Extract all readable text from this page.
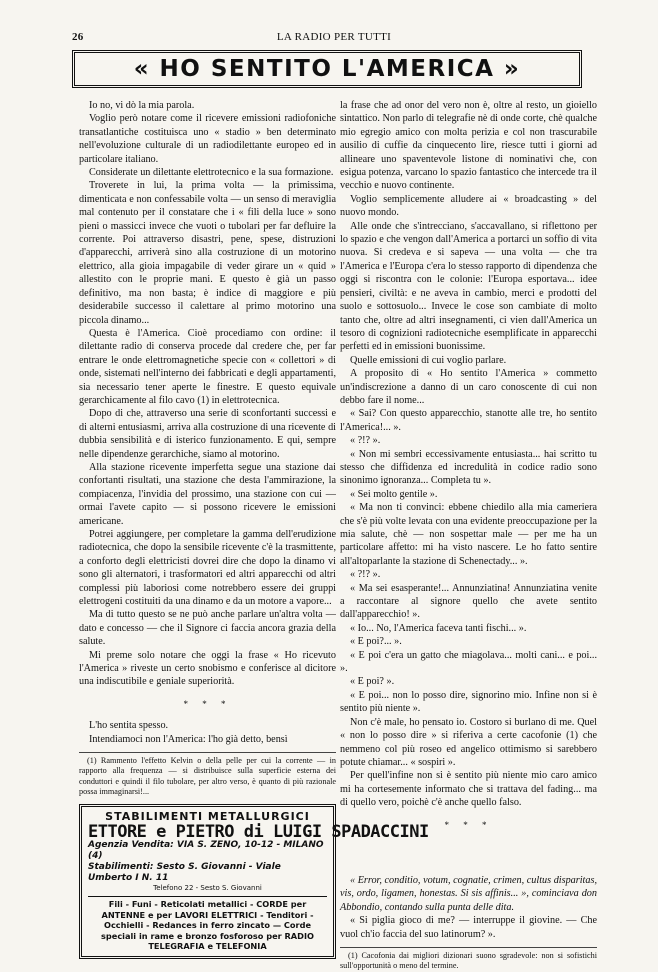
26	LA RADIO PER TUTTI
« HO SENTITO L'AMERICA »

Io no, vi dò la mia parola.

Voglio però notare come il ricevere emissioni radiofoniche transatlantiche costituisca uno « stadio » ben determinato nell'evoluzione culturale di un radiodilettante europeo ed in particolare italiano.

Considerate un dilettante elettrotecnico e la sua formazione.

Troverete in lui, la prima volta — la primissima, dimenticata e non confessabile volta — un senso di meraviglia mal contenuto per il constatare che i « fili della luce » sono pieni o massicci invece che vuoti o tubolari per far defluire la corrente. Poi attraverso disastri, pene, spese, distruzioni d'apparecchi, arriverà sino alla costruzione di un motorino elettrico, alla gioia impagabile di veder girare un « quid » allestito con le proprie mani. E questo è già un passo definitivo, ma non basta; è indice di maggiore e più desiderabile successo il calettare al primo motorino una piccola dinamo...

Questa è l'America. Cioè procediamo con ordine: il dilettante radio di conserva procede dal credere che, per far entrare le onde elettromagnetiche specie con « collettori » di onde, sistemati nell'interno dei fabbricati e degli appartamenti, sia necessario tener aperte le finestre. E questo equivale gerarchicamente al filo cavo (1) in elettrotecnica.

Dopo di che, attraverso una serie di sconfortanti successi e di alterni entusiasmi, arriva alla costruzione di una ricevente di dubbia sensibilità e di isterico funzionamento. E qui, sempre nelle dipendenze gerarchiche, siamo al motorino.

Alla stazione ricevente imperfetta segue una stazione dai confortanti risultati, una stazione che desta l'ammirazione, la compiacenza, l'invidia del prossimo, una stazione con cui — ormai l'avete capito — si possono ricevere le emissioni americane.

Potrei aggiungere, per completare la gamma dell'erudizione radiotecnica, che dopo la sensibile ricevente c'è la trasmittente, a conforto degli elettricisti dovrei dire che dopo la dinamo vi sono gli alternatori, i trasformatori ed altri apparecchi od altri complessi più laboriosi come notrebbero essere dei gruppi elettrogeni costituiti da una dinamo e da un motore a vapore...

Ma di tutto questo se ne può anche parlare un'altra volta — dato e concesso — che il Signore ci faccia ancora grazia della salute.

Mi preme solo notare che oggi la frase « Ho ricevuto l'America » riveste un certo snobismo e conferisce al dicitore una indiscutibile e geniale superiorità.

* * *

L'ho sentita spesso.

Intendiamoci non l'America: l'ho già detto, bensì

(1) Rammento l'effetto Kelvin o della pelle per cui la corrente — in rapporto alla frequenza — si distribuisce sulla superficie esterna dei conduttori e quindi il filo tubolare, per altro verso, è quanto di più razionale possa immaginarsi!...

STABILIMENTI METALLURGICI
ETTORE e PIETRO di LUIGI SPADACCINI
Agenzia Vendita: VIA S. ZENO, 10-12 - MILANO (4)
Stabilimenti: Sesto S. Giovanni - Viale Umberto I N. 11
Telefono 22 - Sesto S. Giovanni
Fili - Funi - Reticolati metallici - CORDE per ANTENNE e per LAVORI ELETTRICI - Tenditori - Occhielli - Redances in ferro zincato — Corde speciali in rame e bronzo fosforoso per RADIO TELEGRAFIA e TELEFONIA

la frase che ad onor del vero non è, oltre al resto, un gioiello sintattico. Non parlo di telegrafie nè di onde corte, chè qualche mio egregio amico con molta perizia e col non trascurabile ausilio di cuffie da cinquecento lire, riesce tutti i giorni ad allineare uno spaventevole listone di nominativi che, con esigua potenza, varcano lo spazio fantastico che intercede tra il vecchio e nuovo continente.

Voglio semplicemente alludere ai « broadcasting » del nuovo mondo.

Alle onde che s'intrecciano, s'accavallano, si riflettono per lo spazio e che vengon dall'America a portarci un soffio di vita nuova. Si credeva e si sapeva — una volta — che tra l'America e l'Europa c'era lo stesso rapporto di dipendenza che oggi si riscontra con le colonie: l'Europa esportava... idee pensieri, civiltà: e ne aveva in cambio, merci e prodotti del suolo e sottosuolo... Invece le cose son cambiate di molto tanto che, oltre ad altri insegnamenti, ci vien dall'America un tesoro di cognizioni radiotecniche esemplificate in apparecchi perfetti ed in emissioni buonissime.

Quelle emissioni di cui voglio parlare.

A proposito di « Ho sentito l'America » commetto un'indiscrezione a danno di un caro conoscente di cui non debbo fare il nome...

« Sai? Con questo apparecchio, stanotte alle tre, ho sentito l'America!... ».

« ?!? ».

« Non mi sembri eccessivamente entusiasta... hai scritto tu stesso che diffidenza ed incredulità in codice radio sono sinonimo ignoranza... Completa tu ».

« Sei molto gentile ».

« Ma non ti convinci: ebbene chiedilo alla mia cameriera che s'è più volte levata con una evidente preoccupazione per la mia salute, chè — non sospettar male — per me ha un particolare affetto: mi ha visto nascere. Le ho fatto sentire all'altoparlante la stazione di Schenectady... ».

« ?!? ».

« Ma sei esasperante!... Annunziatina! Annunziatina venite a raccontare al signore quello che avete sentito dall'apparecchio! ».

« Io... No, l'America faceva tanti fischi... ».

« E poi?... ».

« E poi c'era un gatto che miagolava... molti cani... e poi... ».

« E poi? ».

« E poi... non lo posso dire, signorino mio. Infine non si è sentito più niente ».

Non c'è male, ho pensato io. Costoro si burlano di me. Quel « non lo posso dire » si riferiva a certe cacofonie (1) che nemmeno col più roseo ed angelico ottimismo si sarebbero potute chiamar... « sospiri ».

Per quell'infine non si è sentito più niente mio caro amico mi ha cortesemente informato che si trattava del fading... ma di quello vero, poichè c'è anche quello falso.

* * *

« Error, conditio, votum, cognatie, crimen, cultus disparitas, vis, ordo, ligamen, honestas. Si sis affinis... », cominciava don Abbondio, contando sulla punta delle dita.

« Si piglia gioco di me? — interruppe il giovine. — Che vuol ch'io faccia del suo latinorum? ».

(1) Cacofonia dai migliori dizionari suono sgradevole: non si sofistichi sull'opportunità o meno del termine.
